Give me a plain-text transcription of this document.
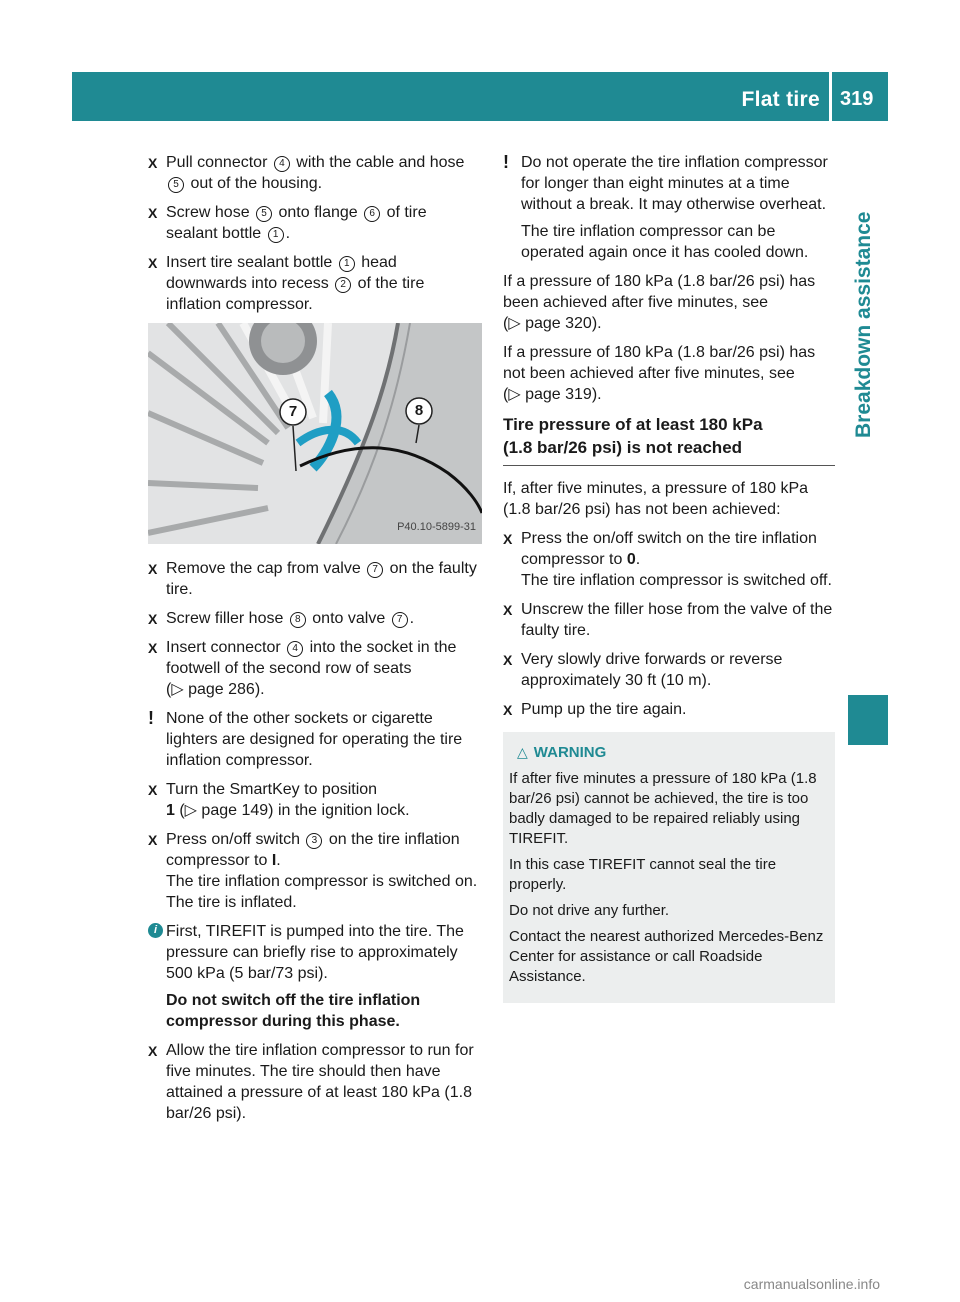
Flat tire 319
Breakdown assistance
X Pull connector 4 with the cable and hose 5 out of the housing.
X Screw hose 5 onto flange 6 of tire sealant bottle 1 .
X Insert tire sealant bottle 1 head downwards into recess 2 of the tire inflation compressor.
7	8
P40.10-5899-31
X Remove the cap from valve 7 on the faulty tire.
X Screw filler hose 8 onto valve 7 .
X Insert connector 4 into the socket in the footwell of the second row of seats
(▷ page 286).
! None of the other sockets or cigarette lighters are designed for operating the tire inflation compressor.
X Turn the SmartKey to position
1 (▷ page 149) in the ignition lock.
X Press on/off switch 3 on the tire inflation compressor to I.
The tire inflation compressor is switched on. The tire is inflated.
i First, TIREFIT is pumped into the tire. The pressure can briefly rise to approximately 500 kPa (5 bar/73 psi).
Do not switch off the tire inflation compressor during this phase.
X Allow the tire inflation compressor to run for five minutes. The tire should then have attained a pressure of at least 180 kPa (1.8 bar/26 psi).
! Do not operate the tire inflation compressor for longer than eight minutes at a time without a break. It may otherwise overheat.
The tire inflation compressor can be operated again once it has cooled down.
If a pressure of 180 kPa (1.8 bar/26 psi) has been achieved after five minutes, see
(▷ page 320).
If a pressure of 180 kPa (1.8 bar/26 psi) has not been achieved after five minutes, see
(▷ page 319).
Tire pressure of at least 180 kPa
(1.8 bar/26 psi) is not reached
If, after five minutes, a pressure of 180 kPa (1.8 bar/26 psi) has not been achieved:
X Press the on/off switch on the tire inflation compressor to 0.
The tire inflation compressor is switched off.
X Unscrew the filler hose from the valve of the faulty tire.
X Very slowly drive forwards or reverse approximately 30 ft (10 m).
X Pump up the tire again.
△ WARNING
If after five minutes a pressure of 180 kPa (1.8 bar/26 psi) cannot be achieved, the tire is too badly damaged to be repaired reliably using TIREFIT.
In this case TIREFIT cannot seal the tire properly.
Do not drive any further.
Contact the nearest authorized Mercedes-Benz Center for assistance or call Roadside Assistance.
carmanualsonline.info
